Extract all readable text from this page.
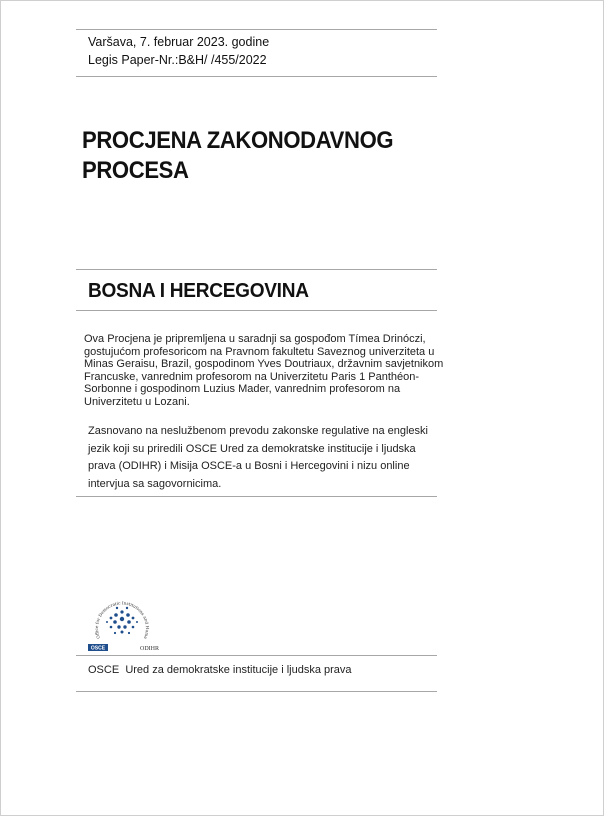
Varšava, 7. februar 2023. godine
Legis Paper-Nr.:B&H/ /455/2022
PROCJENA ZAKONODAVNOG
PROCESA
BOSNA I HERCEGOVINA
Ova Procjena je pripremljena u saradnji sa gospođom Tímea Drinóczi, gostujućom profesoricom na Pravnom fakultetu Saveznog univerziteta u Minas Geraisu, Brazil, gospodinom Yves Doutriaux, državnim savjetnikom Francuske, vanrednim profesorom na Univerzitetu Paris 1 Panthéon-Sorbonne i gospodinom Luzius Mader, vanrednim profesorom na Univerzitetu u Lozani.
Zasnovano na neslužbenom prevodu zakonske regulative na engleski jezik koji su priredili OSCE Ured za demokratske institucije i ljudska prava (ODIHR) i Misija OSCE-a u Bosni i Hercegovini i nizu online intervjua sa sagovornicima.
Office for Democratic Institutions and Huma
OSCE	ODIHR
OSCE Ured za demokratske institucije i ljudska prava
